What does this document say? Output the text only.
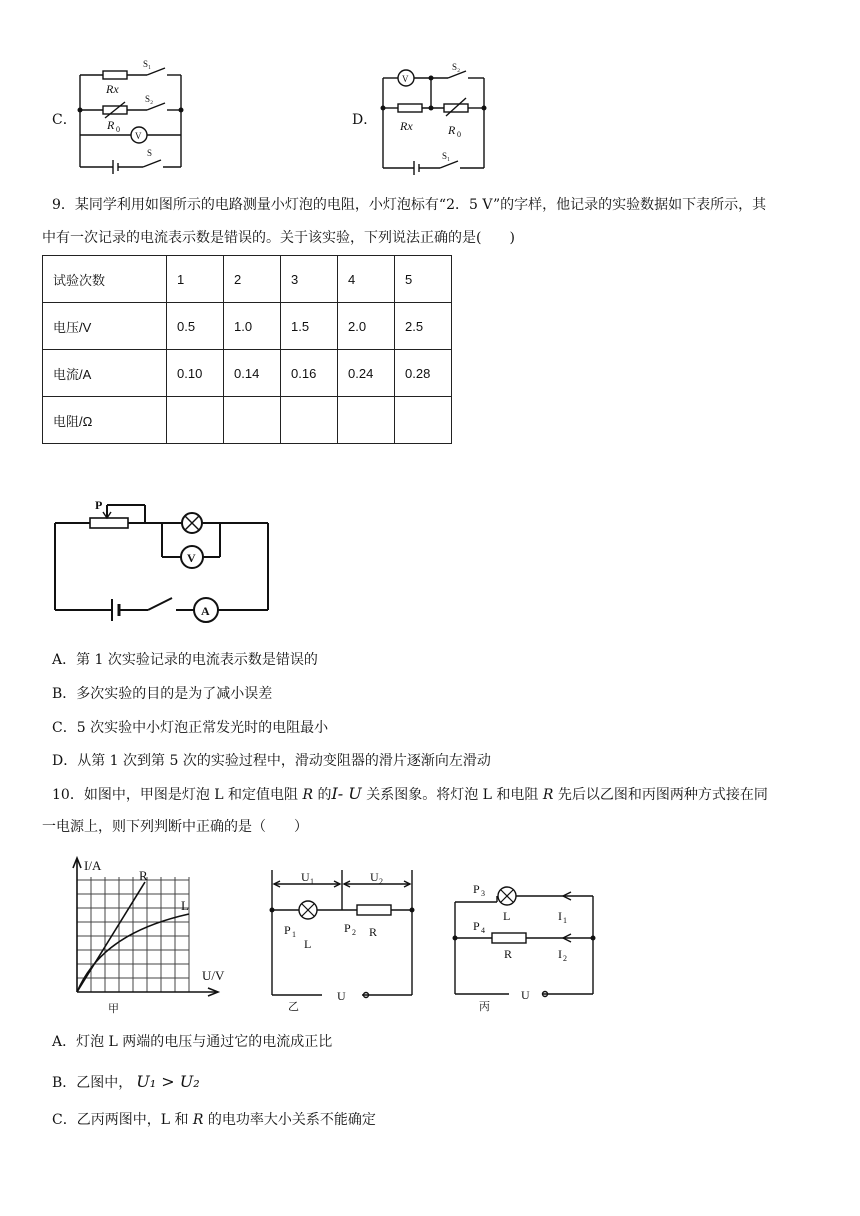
C．
S₁
S₂
S
V
Rx
R 0
D．
V
S₂
S₁
Rx	R 0
9．某同学利用如图所示的电路测量小灯泡的电阻，小灯泡标有“2．5 V”的字样，他记录的实验数据如下表所示，其
中有一次记录的电流表示数是错误的。关于该实验，下列说法正确的是(　　)
试验次数	1	2	3	4	5
电压/V	0.5	1.0	1.5	2.0	2.5
电流/A	0.10	0.14	0.16	0.24	0.28
电阻/Ω					
P
V
A
A．第 1 次实验记录的电流表示数是错误的
B．多次实验的目的是为了减小误差
C．5 次实验中小灯泡正常发光时的电阻最小
D．从第 1 次到第 5 次的实验过程中，滑动变阻器的滑片逐渐向左滑动
10．如图中，甲图是灯泡 L 和定值电阻 R 的I- U 关系图象。将灯泡 L 和电阻 R 先后以乙图和丙图两种方式接在同
一电源上，则下列判断中正确的是（　　）
I/A
U/V
R
L
甲
U 1	U 2
P 1
L
P 2 R
U
乙
P 3
L	I 1
P 4
R	I 2
U
丙
A．灯泡 L 两端的电压与通过它的电流成正比
B．乙图中， U₁ > U₂
C．乙丙两图中，L 和 R 的电功率大小关系不能确定
